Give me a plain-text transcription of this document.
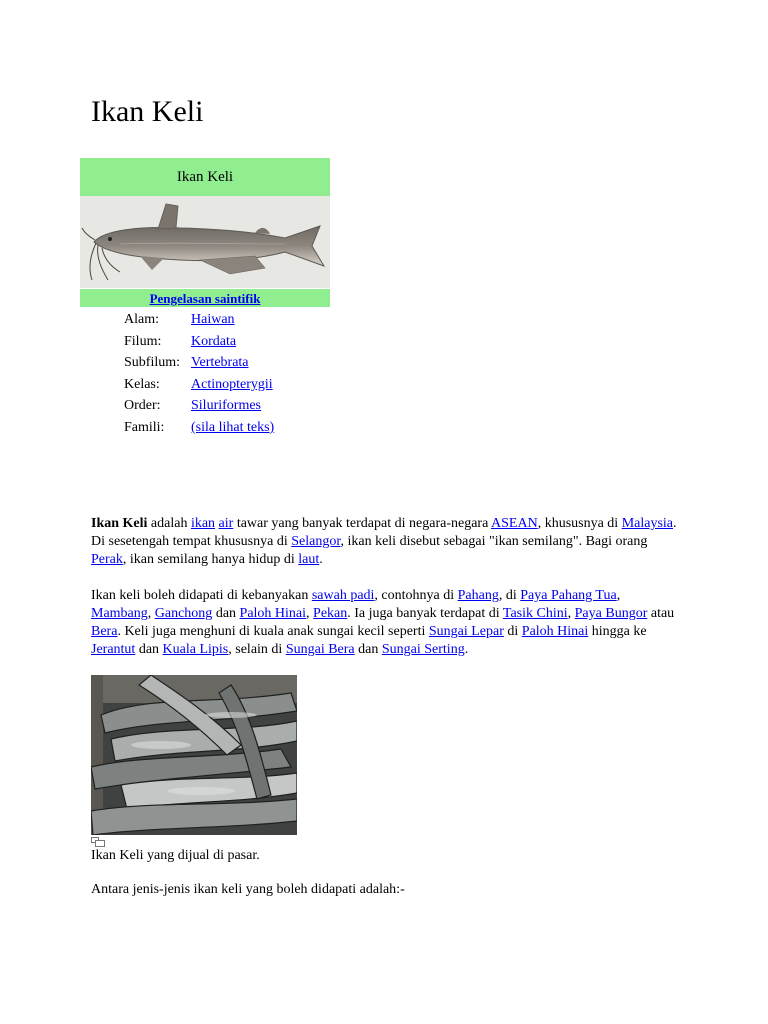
Ikan Keli
Ikan Keli
Pengelasan saintifik
Alam:	Haiwan
Filum:	Kordata
Subfilum: Vertebrata
Kelas:	Actinopterygii
Order:	Siluriformes
Famili:	(sila lihat teks)

Ikan Keli adalah ikan air tawar yang banyak terdapat di negara-negara ASEAN, khususnya di Malaysia. Di sesetengah tempat khususnya di Selangor, ikan keli disebut sebagai "ikan semilang". Bagi orang Perak, ikan semilang hanya hidup di laut.

Ikan keli boleh didapati di kebanyakan sawah padi, contohnya di Pahang, di Paya Pahang Tua, Mambang, Ganchong dan Paloh Hinai, Pekan. Ia juga banyak terdapat di Tasik Chini, Paya Bungor atau Bera. Keli juga menghuni di kuala anak sungai kecil seperti Sungai Lepar di Paloh Hinai hingga ke Jerantut dan Kuala Lipis, selain di Sungai Bera dan Sungai Serting.

Ikan Keli yang dijual di pasar.

Antara jenis-jenis ikan keli yang boleh didapati adalah:-
